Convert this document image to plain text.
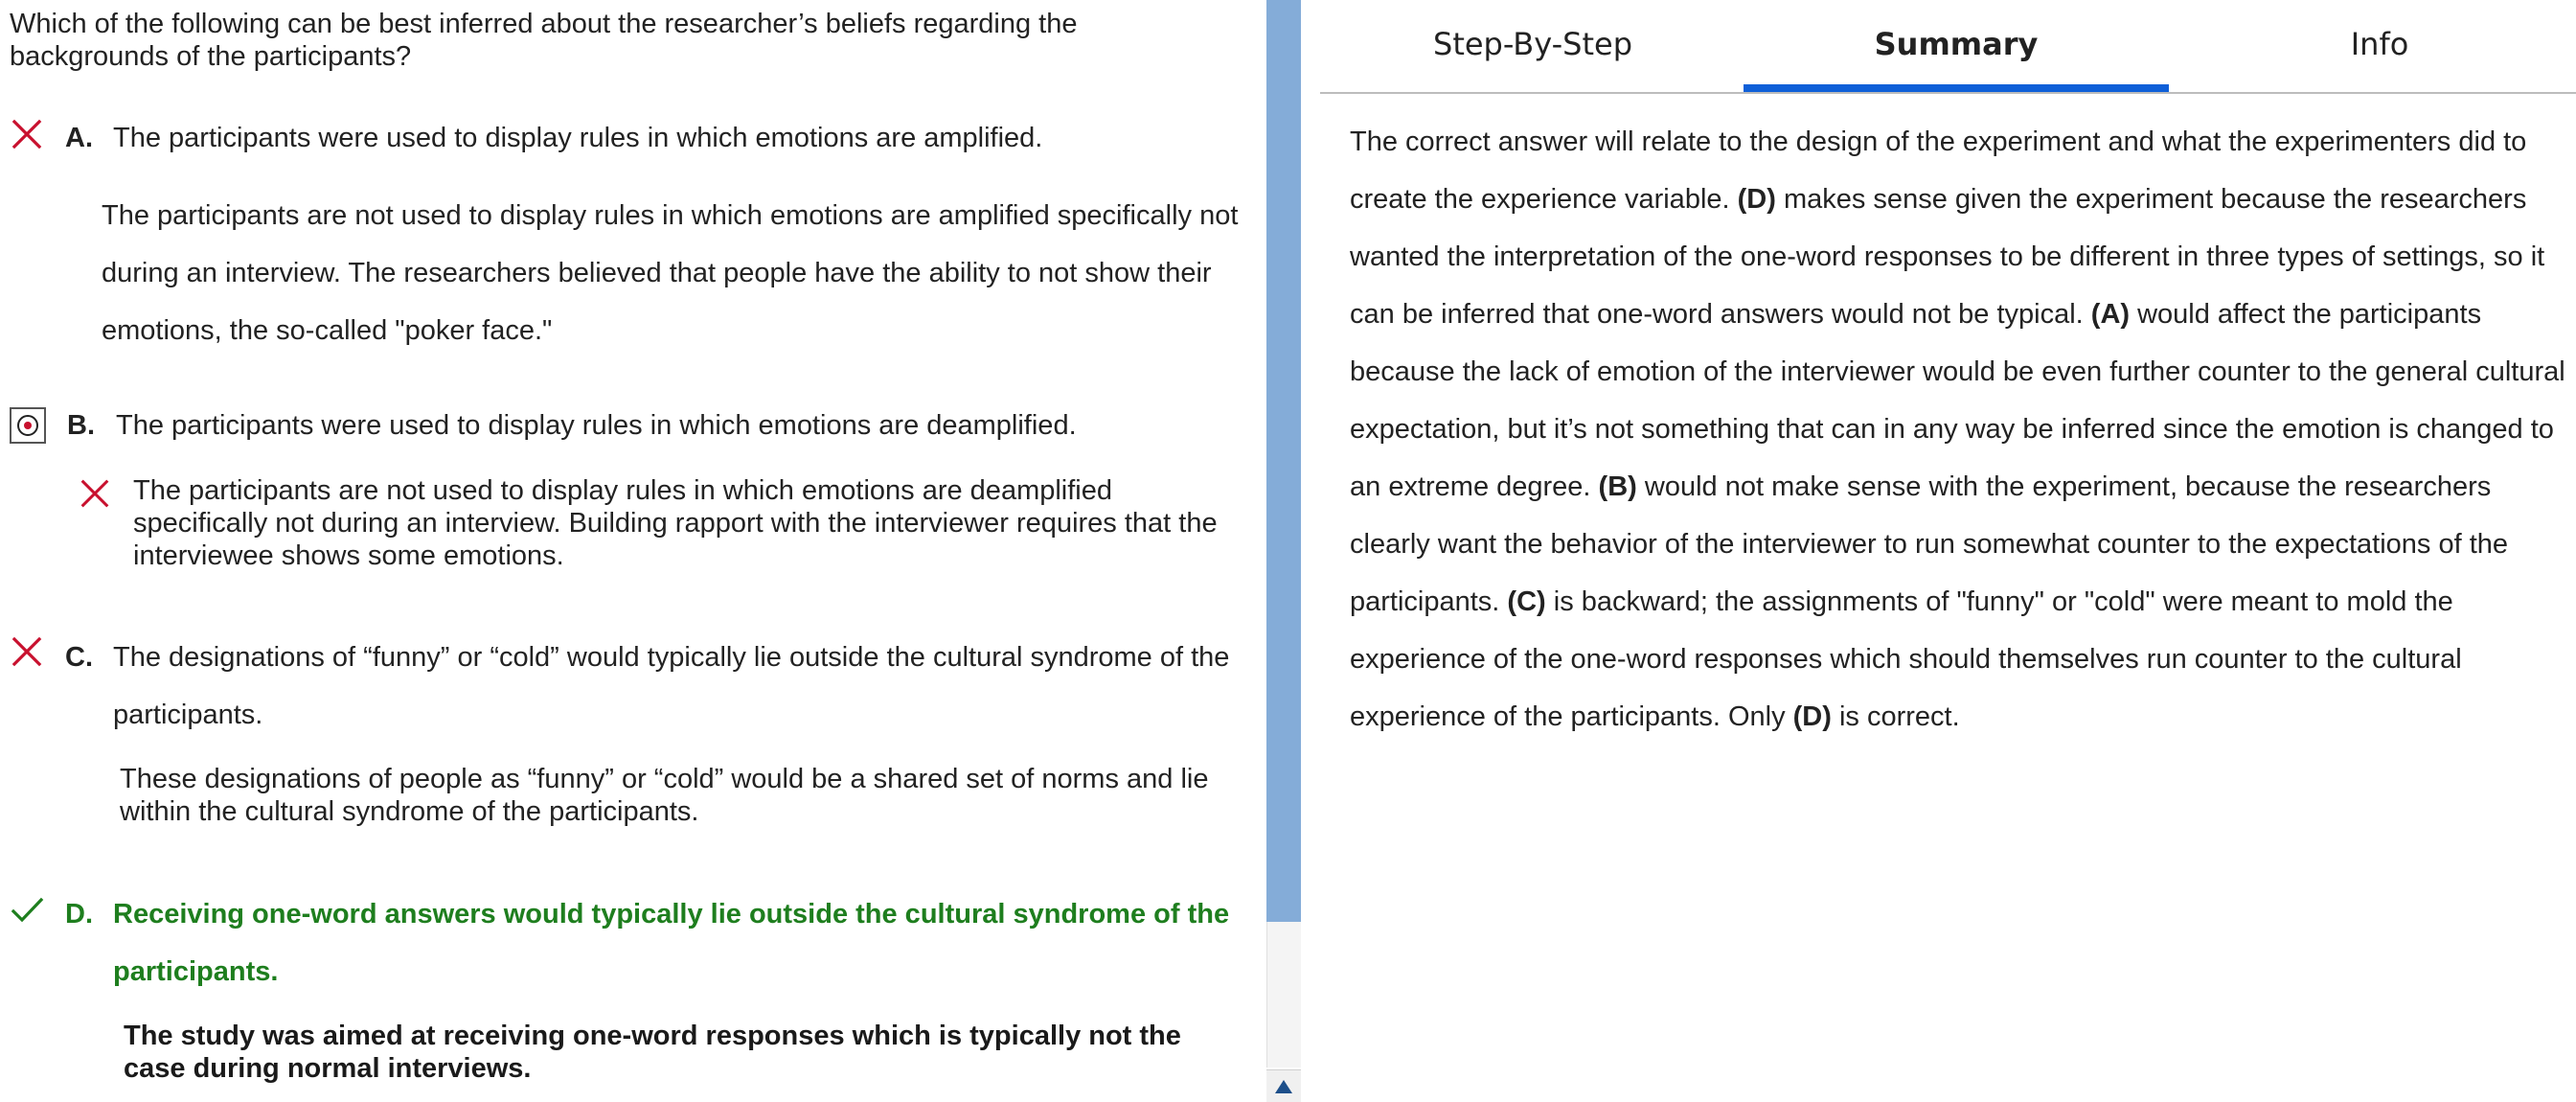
Which of the following can be best inferred about the researcher’s beliefs regarding the backgrounds of the participants?
A. The participants were used to display rules in which emotions are amplified.
The participants are not used to display rules in which emotions are amplified specifically not during an interview. The researchers believed that people have the ability to not show their emotions, the so-called "poker face."
B. The participants were used to display rules in which emotions are deamplified.
The participants are not used to display rules in which emotions are deamplified specifically not during an interview. Building rapport with the interviewer requires that the interviewee shows some emotions.
C. The designations of “funny” or “cold” would typically lie outside the cultural syndrome of the participants.
These designations of people as “funny” or “cold” would be a shared set of norms and lie within the cultural syndrome of the participants.
D. Receiving one-word answers would typically lie outside the cultural syndrome of the participants.
The study was aimed at receiving one-word responses which is typically not the case during normal interviews.
Step-By-Step	Summary	Info
The correct answer will relate to the design of the experiment and what the experimenters did to create the experience variable. (D) makes sense given the experiment because the researchers wanted the interpretation of the one-word responses to be different in three types of settings, so it can be inferred that one-word answers would not be typical. (A) would affect the participants because the lack of emotion of the interviewer would be even further counter to the general cultural expectation, but it’s not something that can in any way be inferred since the emotion is changed to an extreme degree. (B) would not make sense with the experiment, because the researchers clearly want the behavior of the interviewer to run somewhat counter to the expectations of the participants. (C) is backward; the assignments of "funny" or "cold" were meant to mold the experience of the one-word responses which should themselves run counter to the cultural experience of the participants. Only (D) is correct.
